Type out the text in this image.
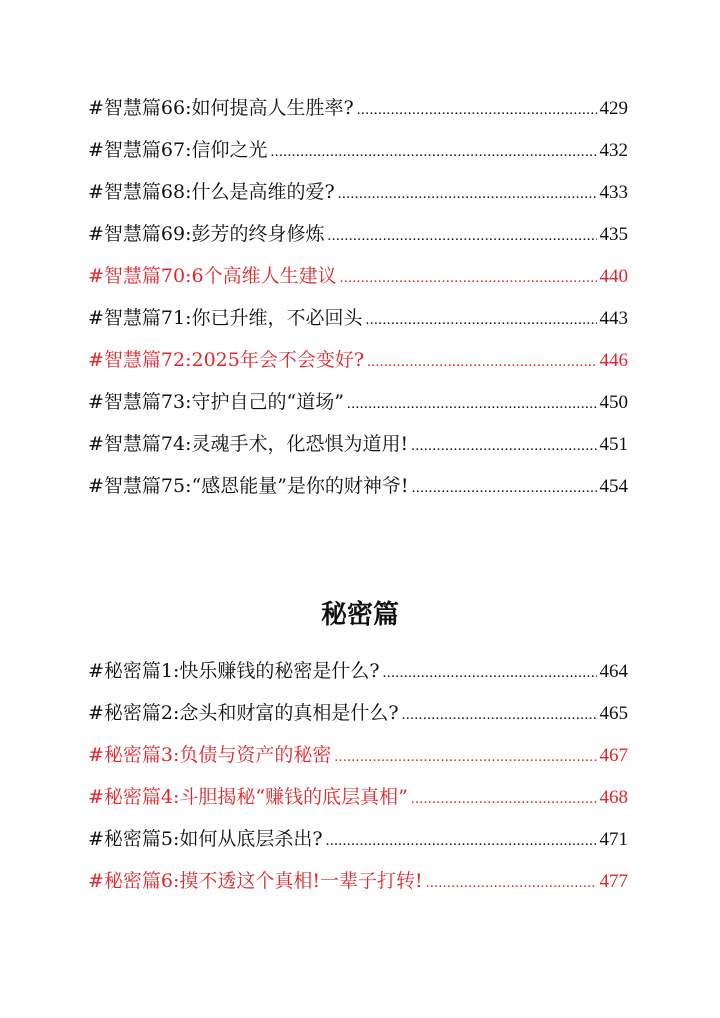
#智慧篇66:如何提高人生胜率? .....	429
#智慧篇67:信仰之光 .....	432
#智慧篇68:什么是高维的爱? .....	433
#智慧篇69:彭芳的终身修炼 .....	435
#智慧篇70:6个高维人生建议 .....	440
#智慧篇71:你已升维，不必回头 .....	443
#智慧篇72:2025年会不会变好? .....	446
#智慧篇73:守护自己的“道场” .....	450
#智慧篇74:灵魂手术，化恐惧为道用! .....	451
#智慧篇75:“感恩能量”是你的财神爷! .....	454
秘密篇
#秘密篇1:快乐赚钱的秘密是什么? .....	464
#秘密篇2:念头和财富的真相是什么? .....	465
#秘密篇3:负债与资产的秘密 .....	467
#秘密篇4:斗胆揭秘“赚钱的底层真相” .....	468
#秘密篇5:如何从底层杀出? .....	471
#秘密篇6:摸不透这个真相!一辈子打转! .....	477
